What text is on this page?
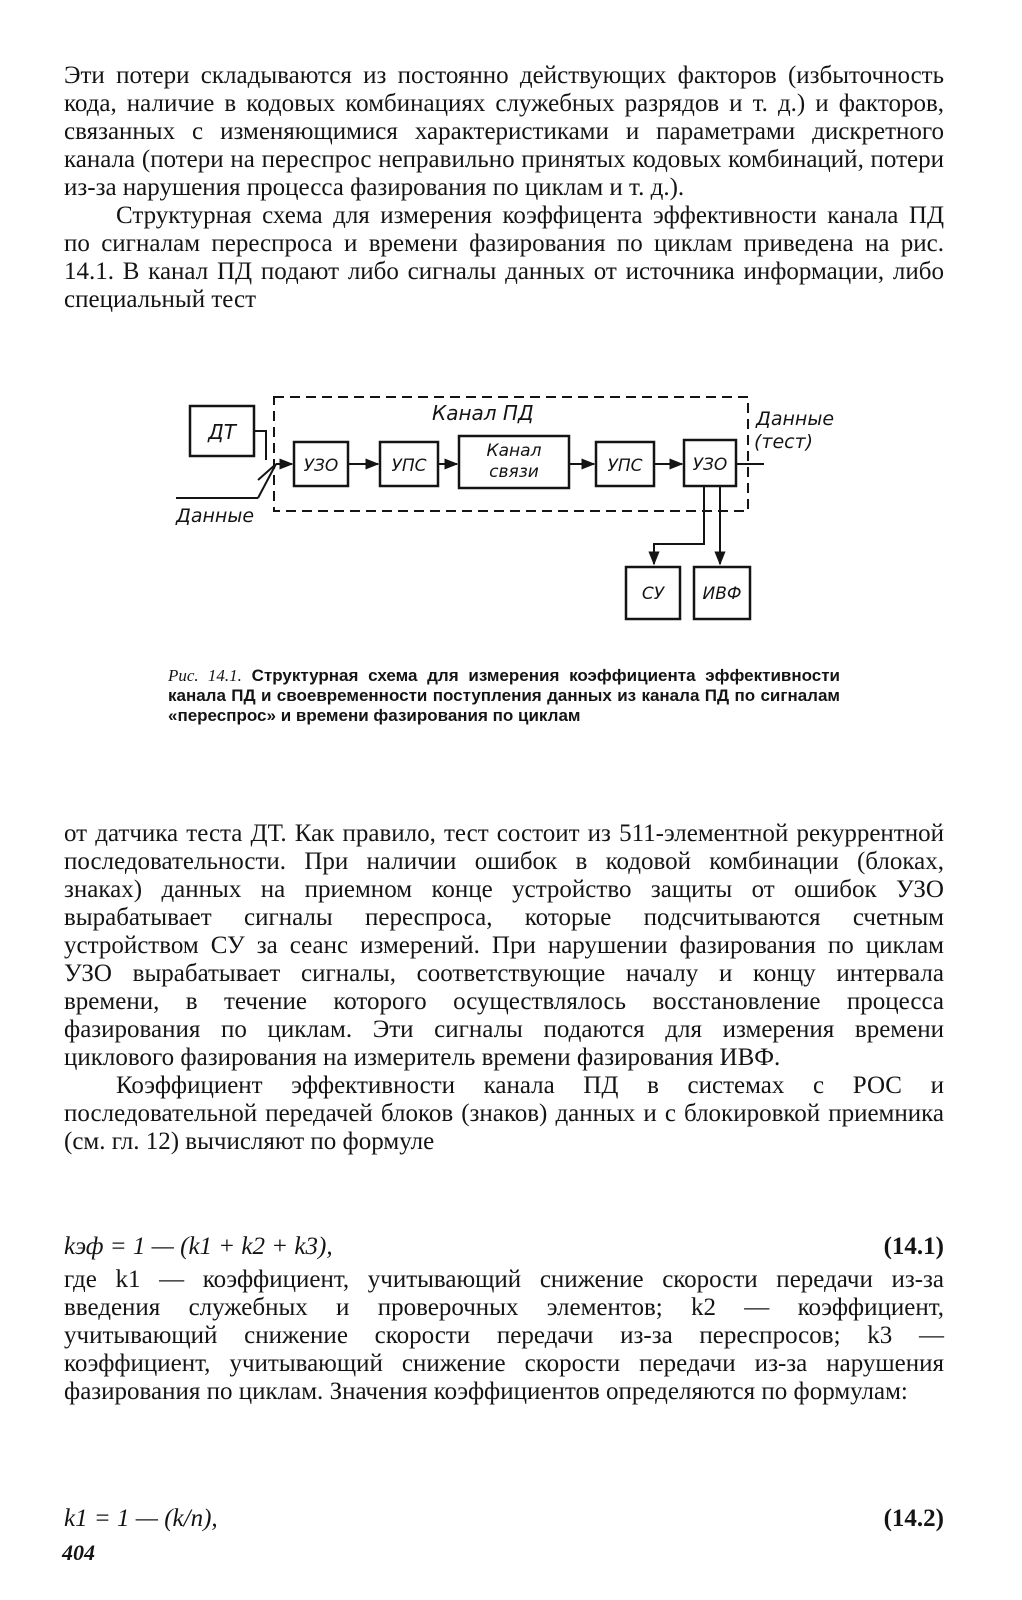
Эти потери складываются из постоянно действующих факторов (избыточность кода, наличие в кодовых комбинациях служебных разрядов и т. д.) и факторов, связанных с изменяющимися характеристиками и параметрами дискретного канала (потери на переспрос неправильно принятых кодовых комбинаций, потери из-за нарушения процесса фазирования по циклам и т. д.).

Структурная схема для измерения коэффицента эффективности канала ПД по сигналам переспроса и времени фазирования по циклам приведена на рис. 14.1. В канал ПД подают либо сигналы данных от источника информации, либо специальный тест

Канал ПД
ДТ
Данные
УЗО	УПС
Канал
связи	УПС	УЗО
Данные
(тест)
СУ ИВФ
Рис. 14.1. Структурная схема для измерения коэффициента эффективности канала ПД и своевременности поступления данных из канала ПД по сигналам «переспрос» и времени фазирования по циклам

от датчика теста ДТ. Как правило, тест состоит из 511-элементной рекуррентной последовательности. При наличии ошибок в кодовой комбинации (блоках, знаках) данных на приемном конце устройство защиты от ошибок УЗО вырабатывает сигналы переспроса, которые подсчитываются счетным устройством СУ за сеанс измерений. При нарушении фазирования по циклам УЗО вырабатывает сигналы, соответствующие началу и концу интервала времени, в течение которого осуществлялось восстановление процесса фазирования по циклам. Эти сигналы подаются для измерения времени циклового фазирования на измеритель времени фазирования ИВФ.

Коэффициент эффективности канала ПД в системах с РОС и последовательной передачей блоков (знаков) данных и с блокировкой приемника (см. гл. 12) вычисляют по формуле

kэф = 1 — (k1 + k2 + k3),	(14.1)

где k1 — коэффициент, учитывающий снижение скорости передачи из-за введения служебных и проверочных элементов; k2 — коэффициент, учитывающий снижение скорости передачи из-за переспросов; k3 — коэффициент, учитывающий снижение скорости передачи из-за нарушения фазирования по циклам. Значения коэффициентов определяются по формулам:

k1 = 1 — (k/n),	(14.2)
404
